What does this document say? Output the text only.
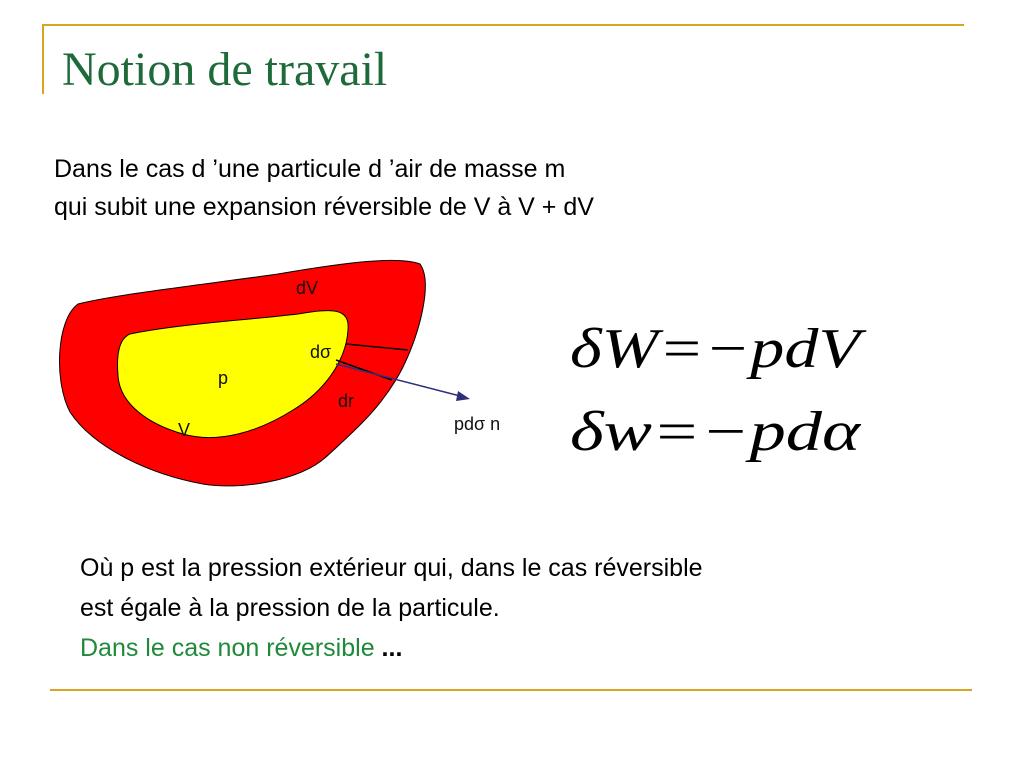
Notion de travail
Dans le cas d ’une particule d ’air de masse m
qui subit une expansion réversible de V à V + dV
dV
dσ
p
V
dr
pdσ n
δ W =−pdV
δ w =−pdα
Où p est la pression extérieur qui, dans le cas réversible
est égale à la pression de la particule.
Dans le cas non réversible ...
